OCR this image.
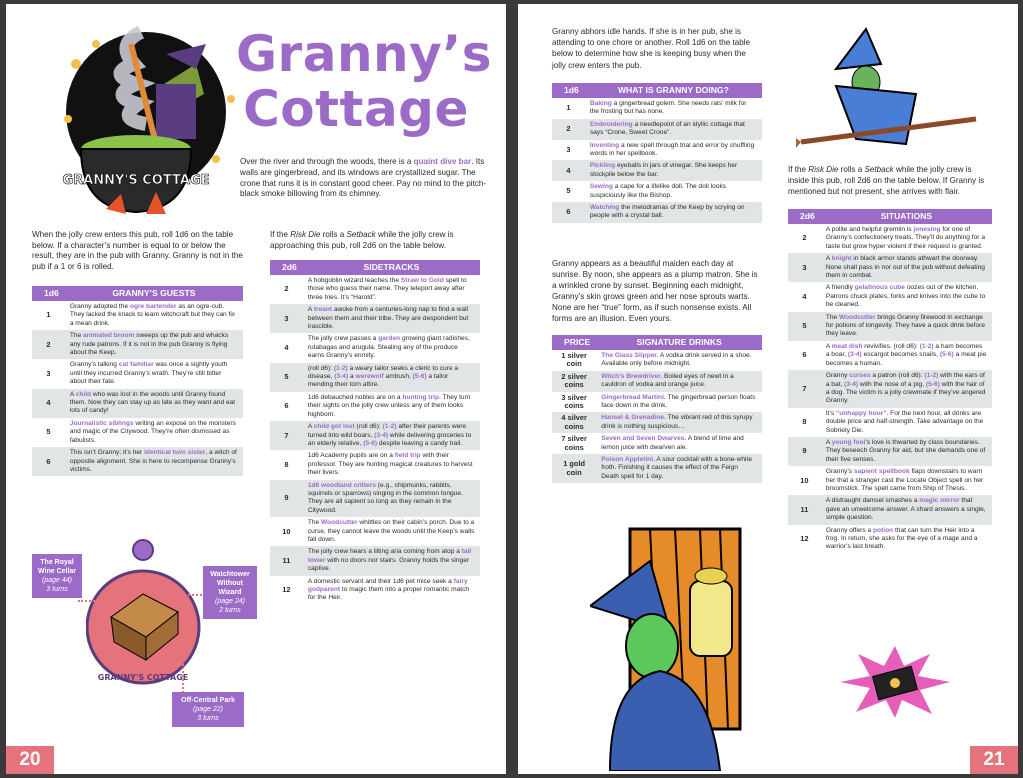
GRANNY'S COTTAGE
Granny’s
Cottage

Over the river and through the woods, there is a quaint dive bar. Its walls are gingerbread, and its windows are crystallized sugar. The crone that runs it is in constant good cheer. Pay no mind to the pitch-black smoke billowing from its chimney.

When the jolly crew enters this pub, roll 1d6 on the table below. If a character’s number is equal to or below the result, they are in the pub with Granny. Granny is not in the pub if a 1 or 6 is rolled.

1d6	GRANNY’S GUESTS
1	Granny adopted the ogre bartender as an ogre-cub. They lacked the knack to learn witchcraft but they can fix a mean drink.
2	The animated broom sweeps up the pub and whacks any rude patrons. If it is not in the pub Granny is flying about the Keep.
3	Granny’s talking cat familiar was once a sightly youth until they incurred Granny’s wrath. They’re still bitter about their fate.
4	A child who was lost in the woods until Granny found them. Now they can stay up as late as they want and eat lots of candy!
5	Journalistic siblings writing an exposé on the monsters and magic of the Citywood. They’re often dismissed as fabulists.
6	This isn’t Granny; it’s her identical twin sister, a witch of opposite alignment. She is here to recompense Granny’s victims.

If the Risk Die rolls a Setback while the jolly crew is approaching this pub, roll 2d6 on the table below.

2d6	SIDETRACKS
2	A hobgoblin wizard teaches the Straw to Gold spell to those who guess their name. They teleport away after three tries. It’s “Harold”.
3	A treant awoke from a centuries-long nap to find a wall between them and their tribe. They are despondent but irascible.
4	The jolly crew passes a garden growing giant radishes, rutabagas and arugula. Stealing any of the produce earns Granny’s enmity.
5	(roll d6): (1-2) a weary tailor seeks a cleric to cure a disease, (3-4) a werewolf ambush, (5-6) a tailor mending their torn attire.
6	1d6 debauched nobles are on a hunting trip. They turn their sights on the jolly crew unless any of them looks highborn.
7	A child got lost (roll d6): (1-2) after their parents were turned into wild boars, (3-4) while delivering groceries to an elderly relative, (5-6) despite leaving a candy trail.
8	1d6 Academy pupils are on a field trip with their professor. They are hunting magical creatures to harvest their livers.
9	1d6 woodland critters (e.g., chipmunks, rabbits, squirrels or sparrows) singing in the common tongue. They are all sapient so long as they remain in the Citywood.
10	The Woodcutter whittles on their cabin’s porch. Due to a curse, they cannot leave the woods until the Keep’s walls fall down.
11	The jolly crew hears a lilting aria coming from atop a tall tower with no doors nor stairs. Granny holds the singer captive.
12	A domestic servant and their 1d6 pet mice seek a fairy godparent to magic them into a proper romantic match for the Heir.
GRANNY'S COTTAGE
The Royal Wine Cellar
(page 44)
3 turns
Watchtower Without Wizard
(page 24)
2 turns
Off-Central Park
(page 22)
3 turns
20

Granny abhors idle hands. If she is in her pub, she is attending to one chore or another. Roll 1d6 on the table below to determine how she is keeping busy when the jolly crew enters the pub.

1d6	WHAT IS GRANNY DOING?
1	Baking a gingerbread golem. She needs rats’ milk for the frosting but has none.
2	Embroidering a needlepoint of an idyllic cottage that says “Crone, Sweet Crone”.
3	Inventing a new spell through trial and error by shuffling words in her spellbook.
4	Pickling eyeballs in jars of vinegar. She keeps her stockpile below the bar.
5	Sewing a cape for a lifelike doll. The doll looks suspiciously like the Bishop.
6	Watching the melodramas of the Keep by scrying on people with a crystal ball.

Granny appears as a beautiful maiden each day at sunrise. By noon, she appears as a plump matron. She is a wrinkled crone by sunset. Beginning each midnight, Granny’s skin grows green and her nose sprouts warts. None are her “true” form, as if such nonsense exists. All forms are an illusion. Even yours.

PRICE	SIGNATURE DRINKS
1 silver coin	The Glass Slipper. A vodka drink served in a shoe. Available only before midnight.
2 silver coins	Witch’s Brewdriver. Boiled eyes of newt in a cauldron of vodka and orange juice.
3 silver coins	Gingerbread Martini. The gingerbread person floats face down in the drink.
4 silver coins	Hansel & Grenadine. The vibrant red of this syrupy drink is nothing suspicious…
7 silver coins	Seven and Seven Dwarves. A blend of lime and lemon juice with dwarven ale.
1 gold coin	Poison Appletini. A sour cocktail with a bone-white froth. Finishing it causes the effect of the Feign Death spell for 1 day.

If the Risk Die rolls a Setback while the jolly crew is inside this pub, roll 2d6 on the table below. If Granny is mentioned but not present, she arrives with flair.

2d6	SITUATIONS
2	A polite and helpful gremlin is jonesing for one of Granny’s confectionery treats. They’ll do anything for a taste but grow hyper violent if their request is granted.
3	A knight in black armor stands athwart the doorway. None shall pass in nor out of the pub without defeating them in combat.
4	A friendly gelatinous cube oozes out of the kitchen. Patrons chuck plates, forks and knives into the cube to be cleaned.
5	The Woodcutter brings Granny firewood in exchange for potions of longevity. They have a quick drink before they leave.
6	A meat dish revivifies. (roll d6): (1-2) a ham becomes a boar, (3-4) escargot becomes snails, (5-6) a meat pie becomes a human.
7	Granny curses a patron (roll d6): (1-2) with the ears of a bat, (3-4) with the nose of a pig, (5-6) with the hair of a dog. The victim is a jolly crewmate if they’ve angered Granny.
8	It’s “unhappy hour”. For the next hour, all drinks are double price and half-strength. Take advantage on the Sobriety Die.
9	A young fool’s love is thwarted by class boundaries. They beseech Granny for aid, but she demands one of their five senses.
10	Granny’s sapient spellbook flaps downstairs to warn her that a stranger cast the Locate Object spell on her broomstick. The spell came from Ship of Thesis.
11	A distraught damsel smashes a magic mirror that gave an unwelcome answer. A shard answers a single, simple question.
12	Granny offers a potion that can turn the Heir into a frog. In return, she asks for the eye of a mage and a warrior’s last breath.
21
